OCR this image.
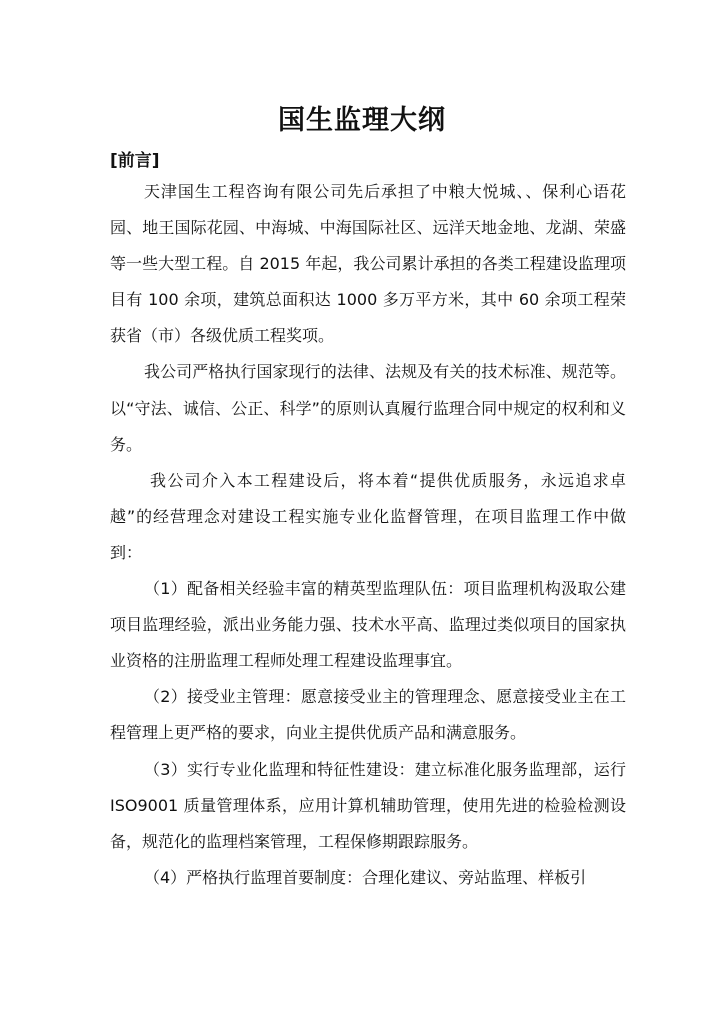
国生监理大纲
[前言]

天津国生工程咨询有限公司先后承担了中粮大悦城、、保利心语花园、地王国际花园、中海城、中海国际社区、远洋天地金地、龙湖、荣盛等一些大型工程。自 2015 年起，我公司累计承担的各类工程建设监理项目有 100 余项，建筑总面积达 1000 多万平方米，其中 60 余项工程荣获省（市）各级优质工程奖项。

我公司严格执行国家现行的法律、法规及有关的技术标准、规范等。以“守法、诚信、公正、科学”的原则认真履行监理合同中规定的权利和义务。

我公司介入本工程建设后，将本着“提供优质服务，永远追求卓越”的经营理念对建设工程实施专业化监督管理，在项目监理工作中做到：

（1）配备相关经验丰富的精英型监理队伍：项目监理机构汲取公建项目监理经验，派出业务能力强、技术水平高、监理过类似项目的国家执业资格的注册监理工程师处理工程建设监理事宜。

（2）接受业主管理：愿意接受业主的管理理念、愿意接受业主在工程管理上更严格的要求，向业主提供优质产品和满意服务。

（3）实行专业化监理和特征性建设：建立标准化服务监理部，运行 ISO9001 质量管理体系，应用计算机辅助管理，使用先进的检验检测设备，规范化的监理档案管理，工程保修期跟踪服务。

（4）严格执行监理首要制度：合理化建议、旁站监理、样板引
